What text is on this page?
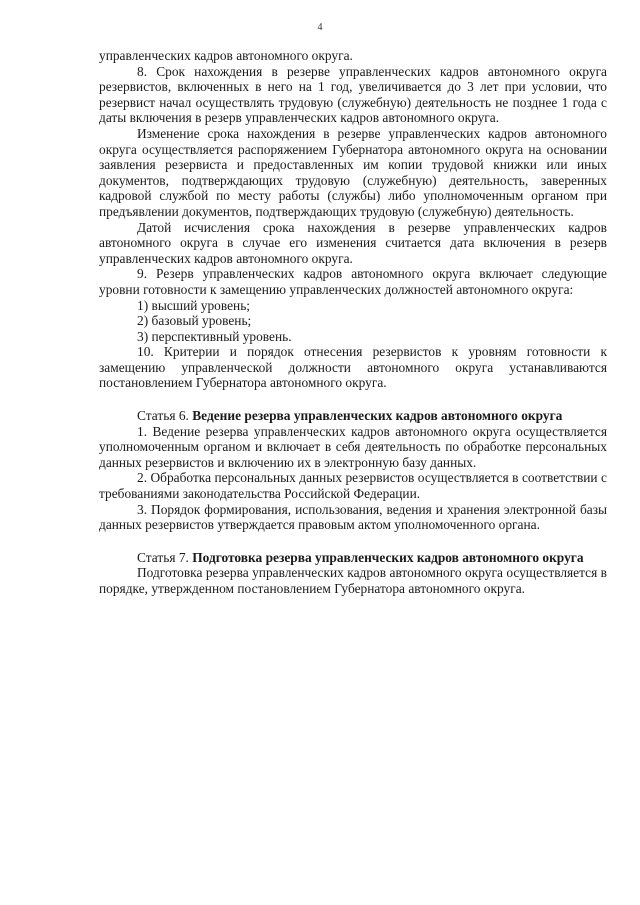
4

управленческих кадров автономного округа.

8. Срок нахождения в резерве управленческих кадров автономного округа резервистов, включенных в него на 1 год, увеличивается до 3 лет при условии, что резервист начал осуществлять трудовую (служебную) деятельность не позднее 1 года с даты включения в резерв управленческих кадров автономного округа.

Изменение срока нахождения в резерве управленческих кадров автономного округа осуществляется распоряжением Губернатора автономного округа на основании заявления резервиста и предоставленных им копии трудовой книжки или иных документов, подтверждающих трудовую (служебную) деятельность, заверенных кадровой службой по месту работы (службы) либо уполномоченным органом при предъявлении документов, подтверждающих трудовую (служебную) деятельность.

Датой исчисления срока нахождения в резерве управленческих кадров автономного округа в случае его изменения считается дата включения в резерв управленческих кадров автономного округа.

9. Резерв управленческих кадров автономного округа включает следующие уровни готовности к замещению управленческих должностей автономного округа:

1) высший уровень;

2) базовый уровень;

3) перспективный уровень.

10. Критерии и порядок отнесения резервистов к уровням готовности к замещению управленческой должности автономного округа устанавливаются постановлением Губернатора автономного округа.

Статья 6. Ведение резерва управленческих кадров автономного округа

1. Ведение резерва управленческих кадров автономного округа осуществляется уполномоченным органом и включает в себя деятельность по обработке персональных данных резервистов и включению их в электронную базу данных.

2. Обработка персональных данных резервистов осуществляется в соответствии с требованиями законодательства Российской Федерации.

3. Порядок формирования, использования, ведения и хранения электронной базы данных резервистов утверждается правовым актом уполномоченного органа.

Статья 7. Подготовка резерва управленческих кадров автономного округа

Подготовка резерва управленческих кадров автономного округа осуществляется в порядке, утвержденном постановлением Губернатора автономного округа.
